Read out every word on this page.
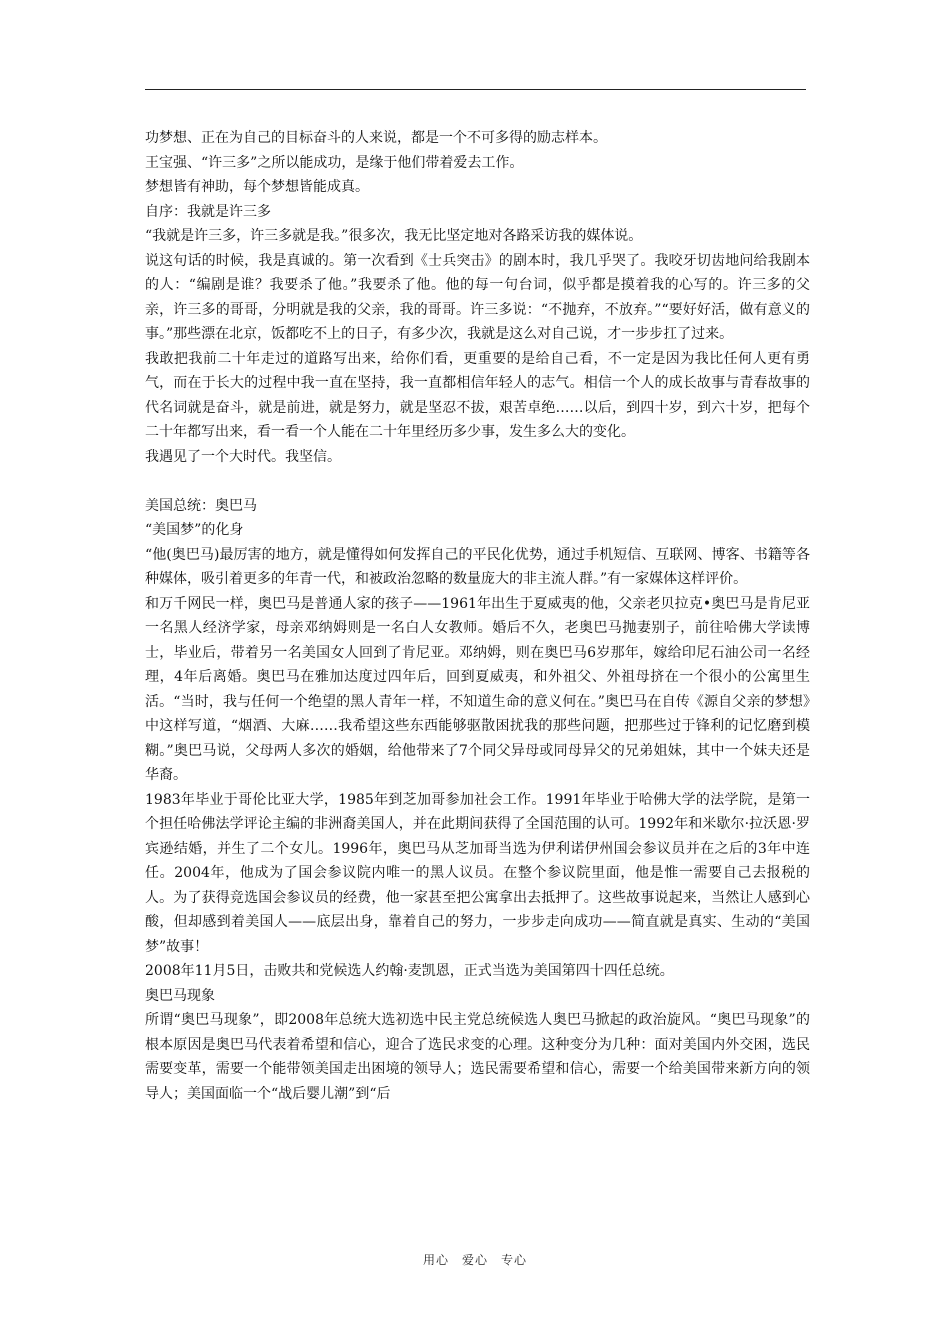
功梦想、正在为自己的目标奋斗的人来说，都是一个不可多得的励志样本。

王宝强、“许三多”之所以能成功，是缘于他们带着爱去工作。

梦想皆有神助，每个梦想皆能成真。

自序：我就是许三多

“我就是许三多，许三多就是我。”很多次，我无比坚定地对各路采访我的媒体说。

说这句话的时候，我是真诚的。第一次看到《士兵突击》的剧本时，我几乎哭了。我咬牙切齿地问给我剧本的人：“编剧是谁？我要杀了他。”我要杀了他。他的每一句台词，似乎都是摸着我的心写的。许三多的父亲，许三多的哥哥，分明就是我的父亲，我的哥哥。许三多说：“不抛弃，不放弃。”“要好好活，做有意义的事。”那些漂在北京，饭都吃不上的日子，有多少次，我就是这么对自己说，才一步步扛了过来。

我敢把我前二十年走过的道路写出来，给你们看，更重要的是给自己看，不一定是因为我比任何人更有勇气，而在于长大的过程中我一直在坚持，我一直都相信年轻人的志气。相信一个人的成长故事与青春故事的代名词就是奋斗，就是前进，就是努力，就是坚忍不拔，艰苦卓绝……以后，到四十岁，到六十岁，把每个二十年都写出来，看一看一个人能在二十年里经历多少事，发生多么大的变化。

我遇见了一个大时代。我坚信。

美国总统：奥巴马

“美国梦”的化身

“他(奥巴马)最厉害的地方，就是懂得如何发挥自己的平民化优势，通过手机短信、互联网、博客、书籍等各种媒体，吸引着更多的年青一代，和被政治忽略的数量庞大的非主流人群。”有一家媒体这样评价。

和万千网民一样，奥巴马是普通人家的孩子——1961年出生于夏威夷的他，父亲老贝拉克•奥巴马是肯尼亚一名黑人经济学家，母亲邓纳姆则是一名白人女教师。婚后不久，老奥巴马抛妻别子，前往哈佛大学读博士，毕业后，带着另一名美国女人回到了肯尼亚。邓纳姆，则在奥巴马6岁那年，嫁给印尼石油公司一名经理，4年后离婚。奥巴马在雅加达度过四年后，回到夏威夷，和外祖父、外祖母挤在一个很小的公寓里生活。“当时，我与任何一个绝望的黑人青年一样，不知道生命的意义何在。”奥巴马在自传《源自父亲的梦想》中这样写道，“烟酒、大麻……我希望这些东西能够驱散困扰我的那些问题，把那些过于锋利的记忆磨到模糊。”奥巴马说，父母两人多次的婚姻，给他带来了7个同父异母或同母异父的兄弟姐妹，其中一个妹夫还是华裔。

1983年毕业于哥伦比亚大学，1985年到芝加哥参加社会工作。1991年毕业于哈佛大学的法学院，是第一个担任哈佛法学评论主编的非洲裔美国人，并在此期间获得了全国范围的认可。1992年和米歇尔·拉沃恩·罗宾逊结婚，并生了二个女儿。1996年，奥巴马从芝加哥当选为伊利诺伊州国会参议员并在之后的3年中连任。2004年，他成为了国会参议院内唯一的黑人议员。在整个参议院里面，他是惟一需要自己去报税的人。为了获得竞选国会参议员的经费，他一家甚至把公寓拿出去抵押了。这些故事说起来，当然让人感到心酸，但却感到着美国人——底层出身，靠着自己的努力，一步步走向成功——简直就是真实、生动的“美国梦”故事！

2008年11月5日，击败共和党候选人约翰·麦凯恩，正式当选为美国第四十四任总统。

奥巴马现象

所谓“奥巴马现象”，即2008年总统大选初选中民主党总统候选人奥巴马掀起的政治旋风。“奥巴马现象”的根本原因是奥巴马代表着希望和信心，迎合了选民求变的心理。这种变分为几种：面对美国内外交困，选民需要变革，需要一个能带领美国走出困境的领导人；选民需要希望和信心，需要一个给美国带来新方向的领导人；美国面临一个“战后婴儿潮”到“后

用心　爱心　专心
